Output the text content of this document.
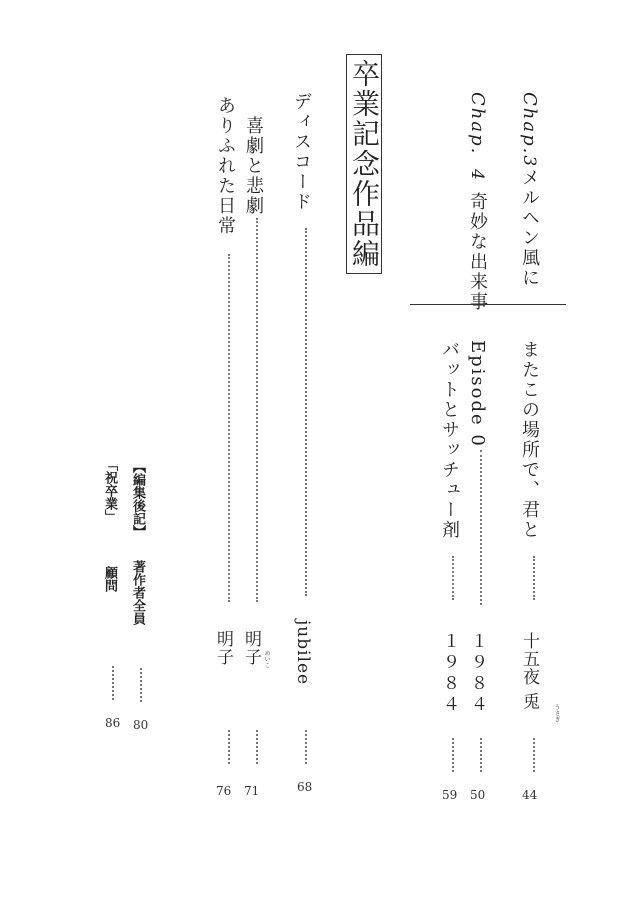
Chap.3メルヘン風に
Chap.4奇妙な出来事
またこの場所で、君と
十五夜 兎
うさぎ
44
Episode 0
１９８４
50
バットとサッチュー剤
１９８４
59
卒業記念作品編
ディスコード
jubilee
68
喜劇と悲劇
明子 めいこ
71
ありふれた日常
明子
76
【編集後記】
著作者全員
80
「祝卒業」
顧問
86
